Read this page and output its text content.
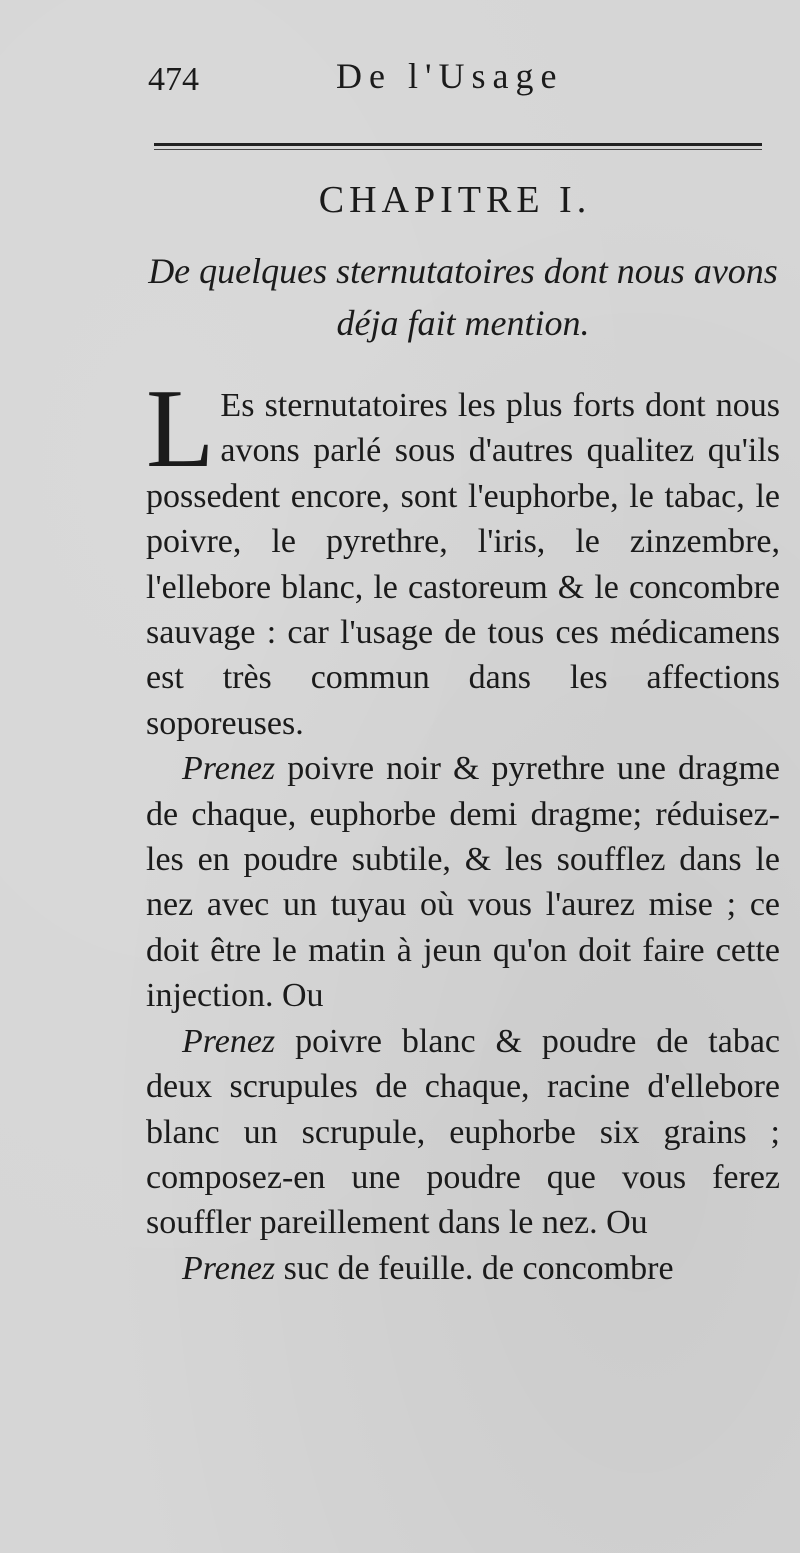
474	De l'Usage
CHAPITRE I.
De quelques sternutatoires dont nous avons déja fait mention.

L Es sternutatoires les plus forts dont nous avons parlé sous d'autres qualitez qu'ils possedent encore, sont l'euphorbe, le tabac, le poivre, le pyrethre, l'iris, le zinzembre, l'ellebore blanc, le castoreum & le concombre sauvage : car l'usage de tous ces médicamens est très commun dans les affections soporeuses.

Prenez poivre noir & pyrethre une dragme de chaque, euphorbe demi dragme; réduisez-les en poudre subtile, & les soufflez dans le nez avec un tuyau où vous l'aurez mise ; ce doit être le matin à jeun qu'on doit faire cette injection. Ou

Prenez poivre blanc & poudre de tabac deux scrupules de chaque, racine d'ellebore blanc un scrupule, euphorbe six grains ; composez-en une poudre que vous ferez souffler pareillement dans le nez. Ou

Prenez suc de feuille. de concombre
